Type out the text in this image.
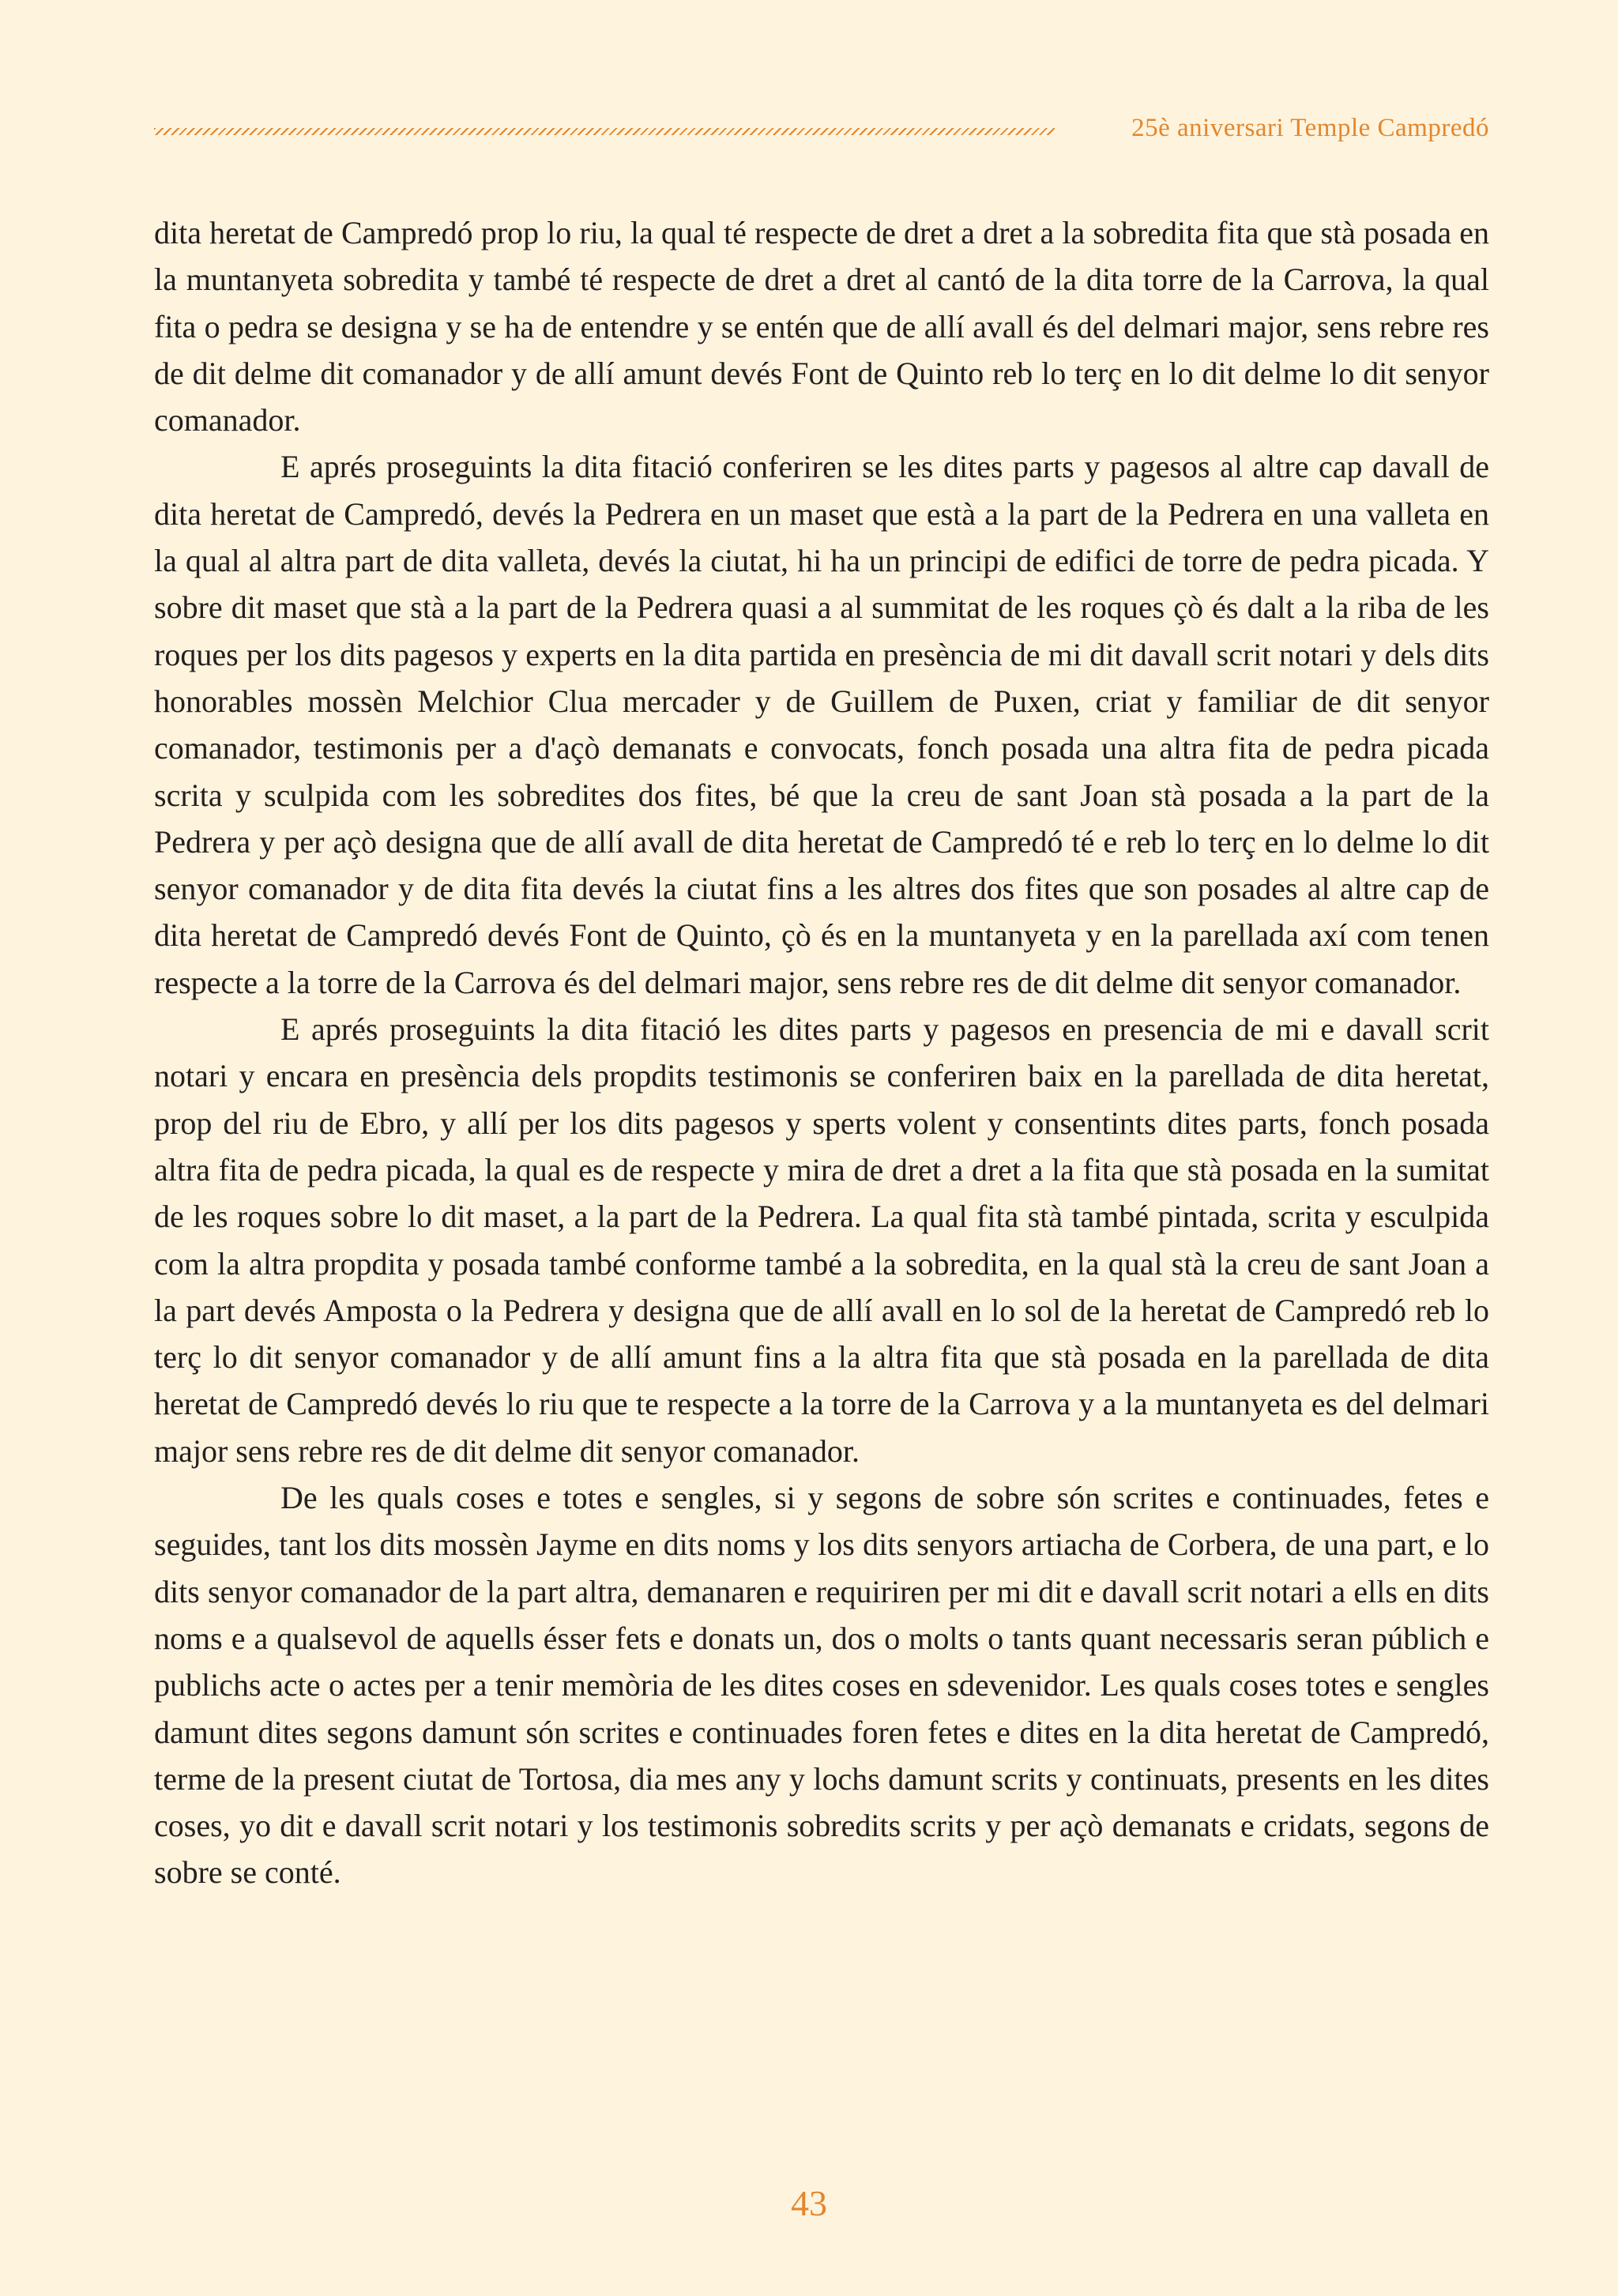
25è aniversari Temple Campredó

dita heretat de Campredó prop lo riu, la qual té respecte de dret a dret a la sobredita fita que stà posada en la muntanyeta sobredita y també té respecte de dret a dret al cantó de la dita torre de la Carrova, la qual fita o pedra se designa y se ha de entendre y se entén que de allí avall és del delmari major, sens rebre res de dit delme dit comanador y de allí amunt devés Font de Quinto reb lo terç en lo dit delme lo dit senyor comanador.

E aprés proseguints la dita fitació conferiren se les dites parts y pagesos al altre cap davall de dita heretat de Campredó, devés la Pedrera en un maset que està a la part de la Pedrera en una valleta en la qual al altra part de dita valleta, devés la ciutat, hi ha un principi de edifici de torre de pedra picada. Y sobre dit maset que stà a la part de la Pedrera quasi a al summitat de les roques çò és dalt a la riba de les roques per los dits pagesos y experts en la dita partida en presència de mi dit davall scrit notari y dels dits honorables mossèn Melchior Clua mercader y de Guillem de Puxen, criat y familiar de dit senyor comanador, testimonis per a d'açò demanats e convocats, fonch posada una altra fita de pedra picada scrita y sculpida com les sobredites dos fites, bé que la creu de sant Joan stà posada a la part de la Pedrera y per açò designa que de allí avall de dita heretat de Campredó té e reb lo terç en lo delme lo dit senyor comanador y de dita fita devés la ciutat fins a les altres dos fites que son posades al altre cap de dita heretat de Campredó devés Font de Quinto, çò és en la muntanyeta y en la parellada axí com tenen respecte a la torre de la Carrova és del delmari major, sens rebre res de dit delme dit senyor comanador.

E aprés proseguints la dita fitació les dites parts y pagesos en presencia de mi e davall scrit notari y encara en presència dels propdits testimonis se conferiren baix en la parellada de dita heretat, prop del riu de Ebro, y allí per los dits pagesos y sperts volent y consentints dites parts, fonch posada altra fita de pedra picada, la qual es de respecte y mira de dret a dret a la fita que stà posada en la sumitat de les roques sobre lo dit maset, a la part de la Pedrera. La qual fita stà també pintada, scrita y esculpida com la altra propdita y posada també conforme també a la sobredita, en la qual stà la creu de sant Joan a la part devés Amposta o la Pedrera y designa que de allí avall en lo sol de la heretat de Campredó reb lo terç lo dit senyor comanador y de allí amunt fins a la altra fita que stà posada en la parellada de dita heretat de Campredó devés lo riu que te respecte a la torre de la Carrova y a la muntanyeta es del delmari major sens rebre res de dit delme dit senyor comanador.

De les quals coses e totes e sengles, si y segons de sobre són scrites e continuades, fetes e seguides, tant los dits mossèn Jayme en dits noms y los dits senyors artiacha de Corbera, de una part, e lo dits senyor comanador de la part altra, demanaren e requiriren per mi dit e davall scrit notari a ells en dits noms e a qualsevol de aquells ésser fets e donats un, dos o molts o tants quant necessaris seran públich e publichs acte o actes per a tenir memòria de les dites coses en sdevenidor. Les quals coses totes e sengles damunt dites segons damunt són scrites e continuades foren fetes e dites en la dita heretat de Campredó, terme de la present ciutat de Tortosa, dia mes any y lochs damunt scrits y continuats, presents en les dites coses, yo dit e davall scrit notari y los testimonis sobredits scrits y per açò demanats e cridats, segons de sobre se conté.

43
